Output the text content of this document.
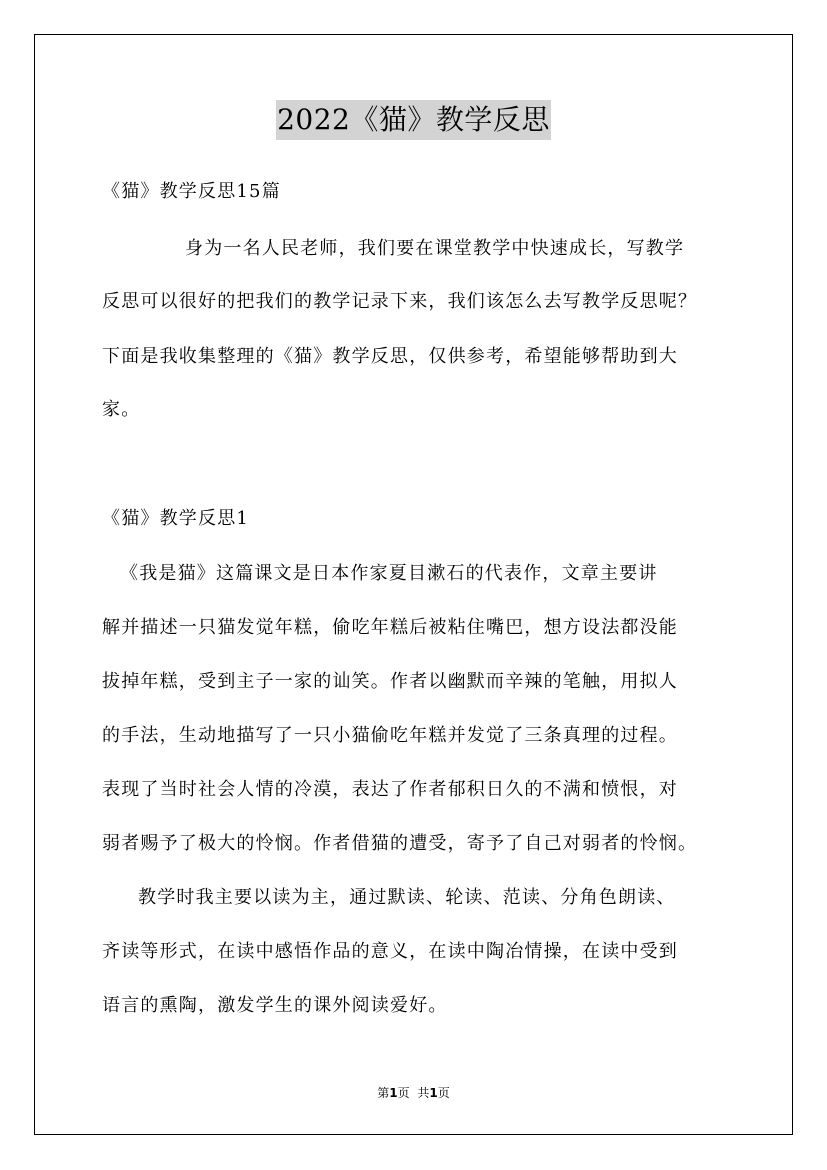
2022《猫》教学反思
《猫》教学反思15篇
身为一名人民老师，我们要在课堂教学中快速成长，写教学
反思可以很好的把我们的教学记录下来，我们该怎么去写教学反思呢？
下面是我收集整理的《猫》教学反思，仅供参考，希望能够帮助到大
家。
《猫》教学反思1
《我是猫》这篇课文是日本作家夏目漱石的代表作，文章主要讲
解并描述一只猫发觉年糕，偷吃年糕后被粘住嘴巴，想方设法都没能
拔掉年糕，受到主子一家的讪笑。作者以幽默而辛辣的笔触，用拟人
的手法，生动地描写了一只小猫偷吃年糕并发觉了三条真理的过程。
表现了当时社会人情的冷漠，表达了作者郁积日久的不满和愤恨，对
弱者赐予了极大的怜悯。作者借猫的遭受，寄予了自己对弱者的怜悯。
教学时我主要以读为主，通过默读、轮读、范读、分角色朗读、
齐读等形式，在读中感悟作品的意义，在读中陶冶情操，在读中受到
语言的熏陶，激发学生的课外阅读爱好。
第1页 共1页
